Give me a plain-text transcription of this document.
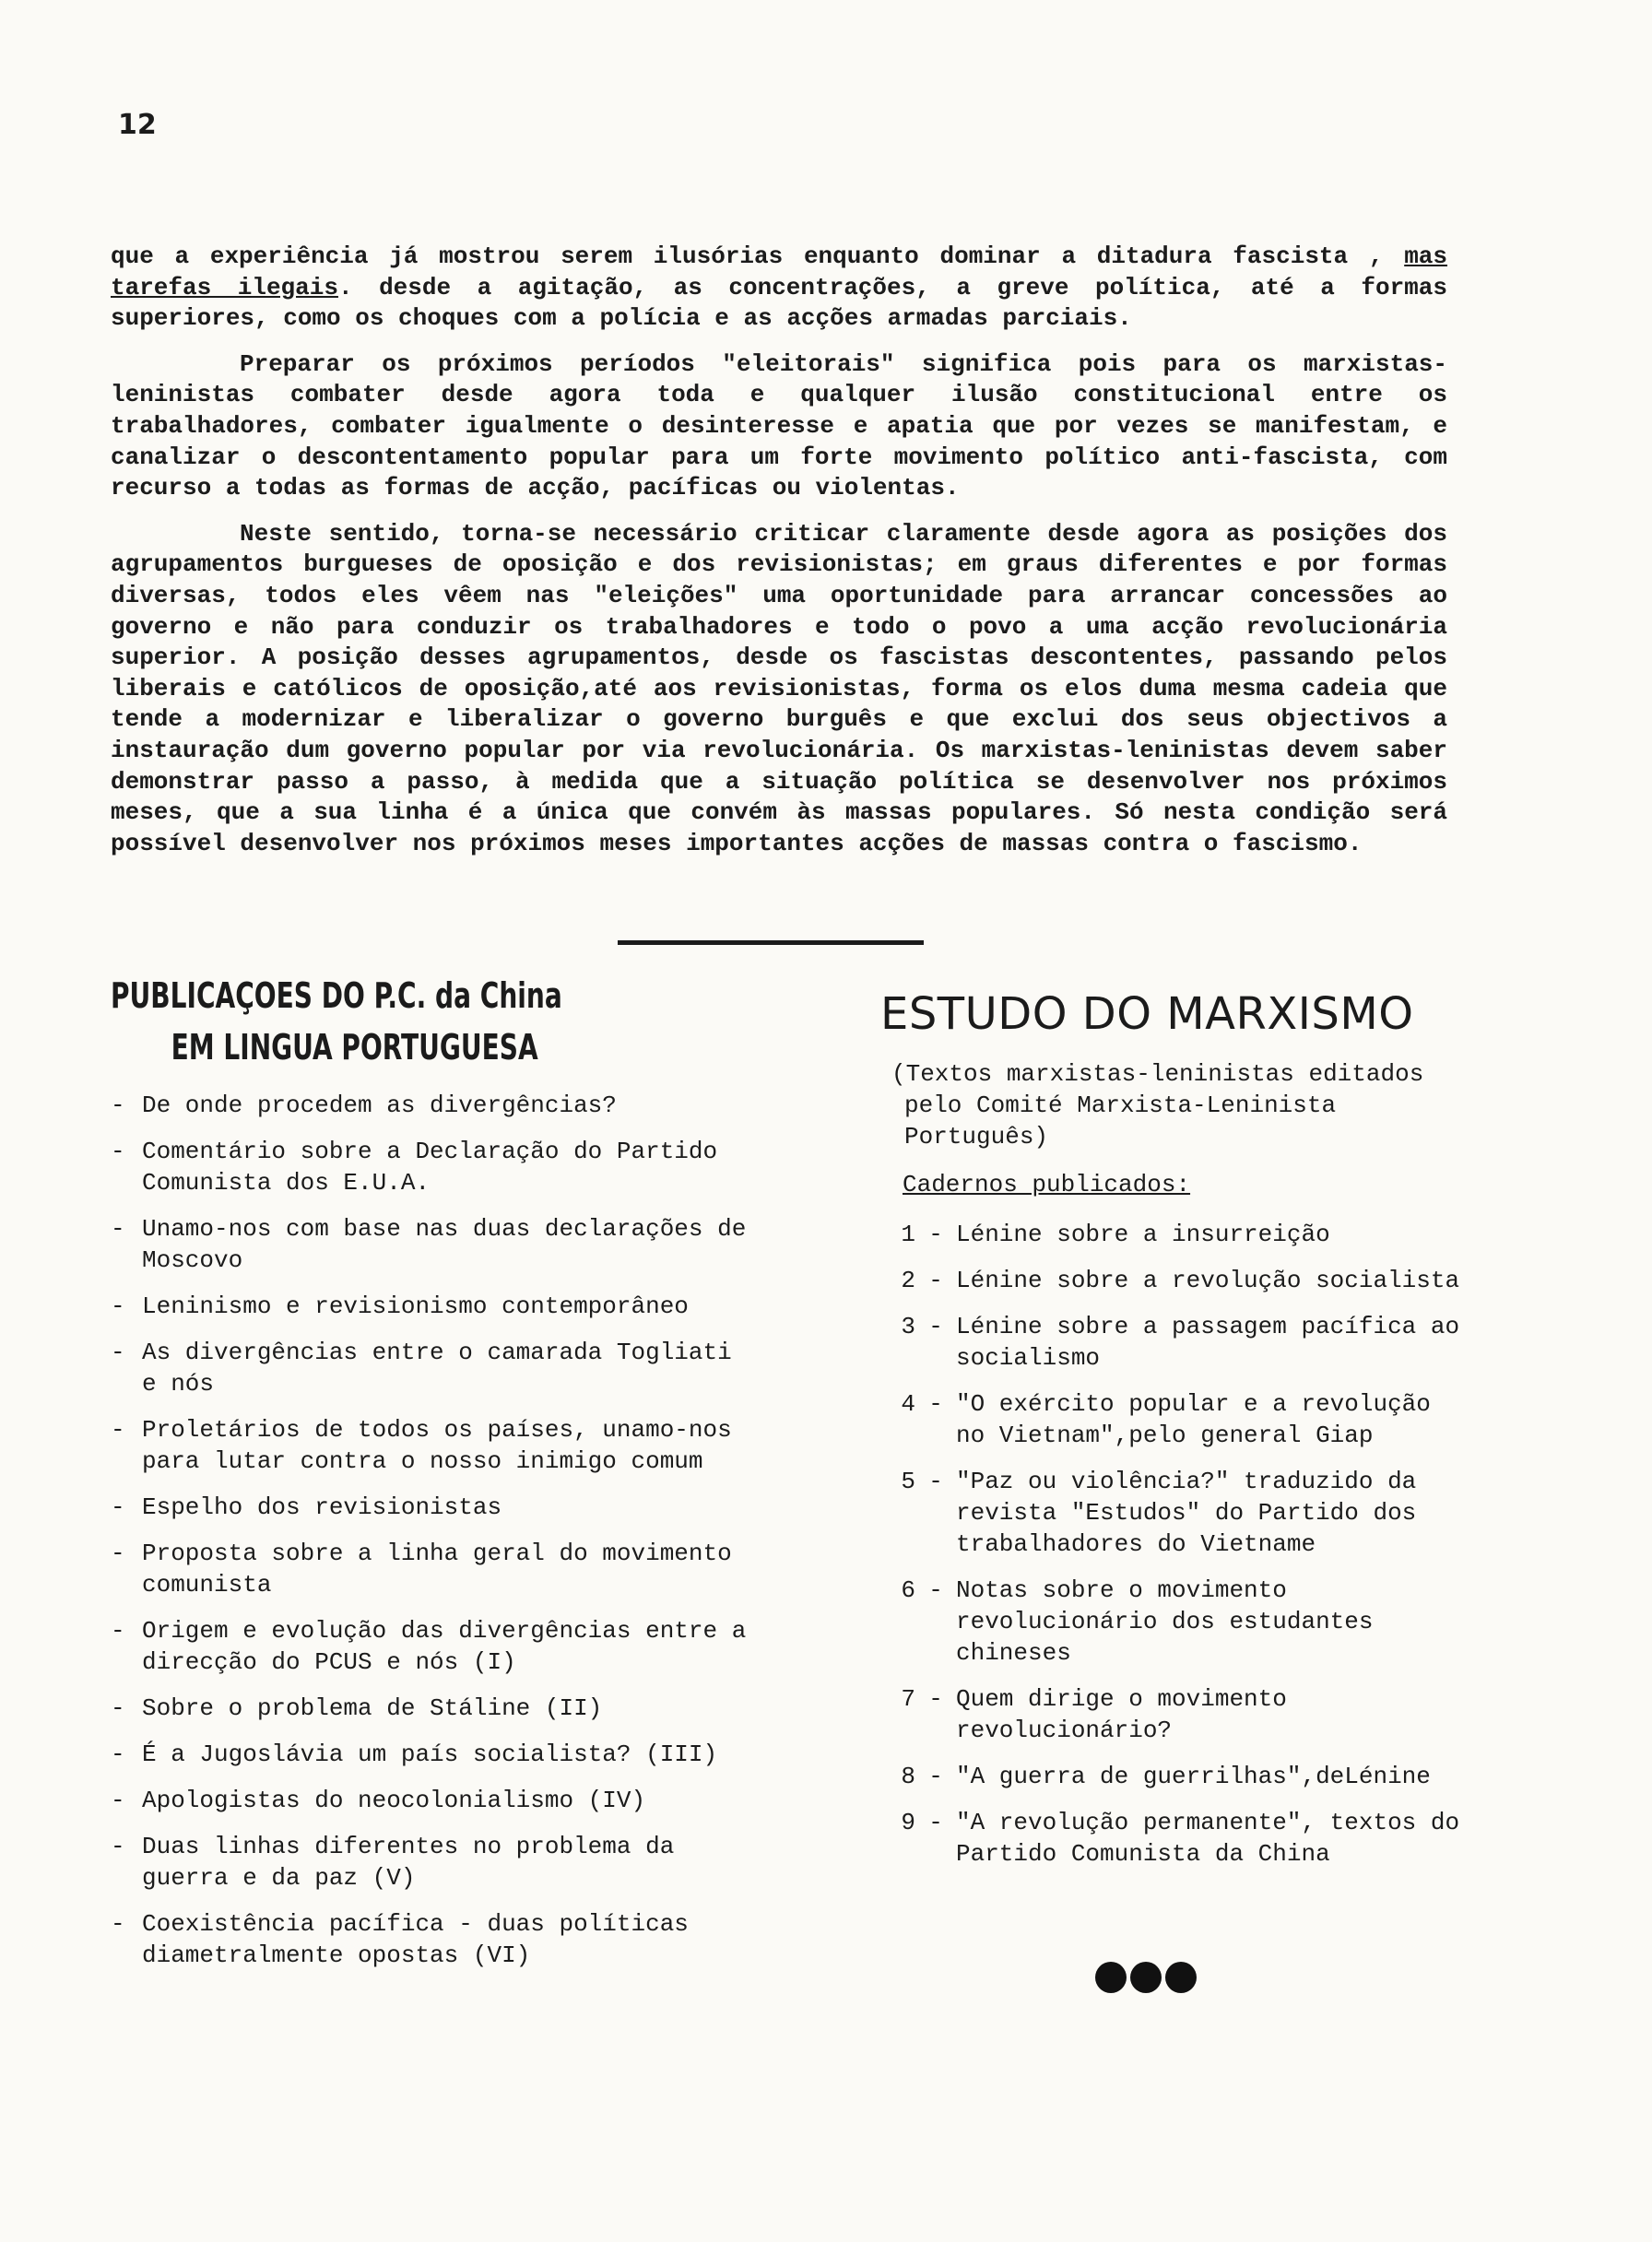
12

que a experiência já mostrou serem ilusórias enquanto dominar a ditadura fascista , mas tarefas ilegais. desde a agitação, as concentrações, a greve política, até a formas superiores, como os choques com a polícia e as acções armadas parciais.

Preparar os próximos períodos "eleitorais" significa pois para os marxistas-leninistas combater desde agora toda e qualquer ilusão constitucional entre os trabalhadores, combater igualmente o desinteresse e apatia que por vezes se manifestam, e canalizar o descontentamento popular para um forte movimento político anti-fascista, com recurso a todas as formas de acção, pacíficas ou violentas.

Neste sentido, torna-se necessário criticar claramente desde agora as posições dos agrupamentos burgueses de oposição e dos revisionistas; em graus diferentes e por formas diversas, todos eles vêem nas "eleições" uma oportunidade para arrancar concessões ao governo e não para conduzir os trabalhadores e todo o povo a uma acção revolucionária superior. A posição desses agrupamentos, desde os fascistas descontentes, passando pelos liberais e católicos de oposição,até aos revisionistas, forma os elos duma mesma cadeia que tende a modernizar e liberalizar o governo burguês e que exclui dos seus objectivos a instauração dum governo popular por via revolucionária. Os marxistas-leninistas devem saber demonstrar passo a passo, à medida que a situação política se desenvolver nos próximos meses, que a sua linha é a única que convém às massas populares. Só nesta condição será possível desenvolver nos próximos meses importantes acções de massas contra o fascismo.

PUBLICAÇOES DO P.C. da China
EM LINGUA PORTUGUESA
- De onde procedem as divergências?
- Comentário sobre a Declaração do Partido Comunista dos E.U.A.
- Unamo-nos com base nas duas declarações de Moscovo
- Leninismo e revisionismo contemporâneo
- As divergências entre o camarada Togliati e nós
- Proletários de todos os países, unamo-nos para lutar contra o nosso inimigo comum
- Espelho dos revisionistas
- Proposta sobre a linha geral do movimento comunista
- Origem e evolução das divergências entre a direcção do PCUS e nós (I)
- Sobre o problema de Stáline (II)
- É a Jugoslávia um país socialista? (III)
- Apologistas do neocolonialismo (IV)
- Duas linhas diferentes no problema da guerra e da paz (V)
- Coexistência pacífica - duas políticas diametralmente opostas (VI)
ESTUDO DO MARXISMO

(Textos marxistas-leninistas editados pelo Comité Marxista-Leninista Português)

Cadernos publicados:

1 - Lénine sobre a insurreição
2 - Lénine sobre a revolução socialista
3 - Lénine sobre a passagem pacífica ao socialismo
4 - "O exército popular e a revolução no Vietnam",pelo general Giap
5 - "Paz ou violência?" traduzido da revista "Estudos" do Partido dos trabalhadores do Vietname
6 - Notas sobre o movimento revolucionário dos estudantes chineses
7 - Quem dirige o movimento revolucionário?
8 - "A guerra de guerrilhas",deLénine
9 - "A revolução permanente", textos do Partido Comunista da China
